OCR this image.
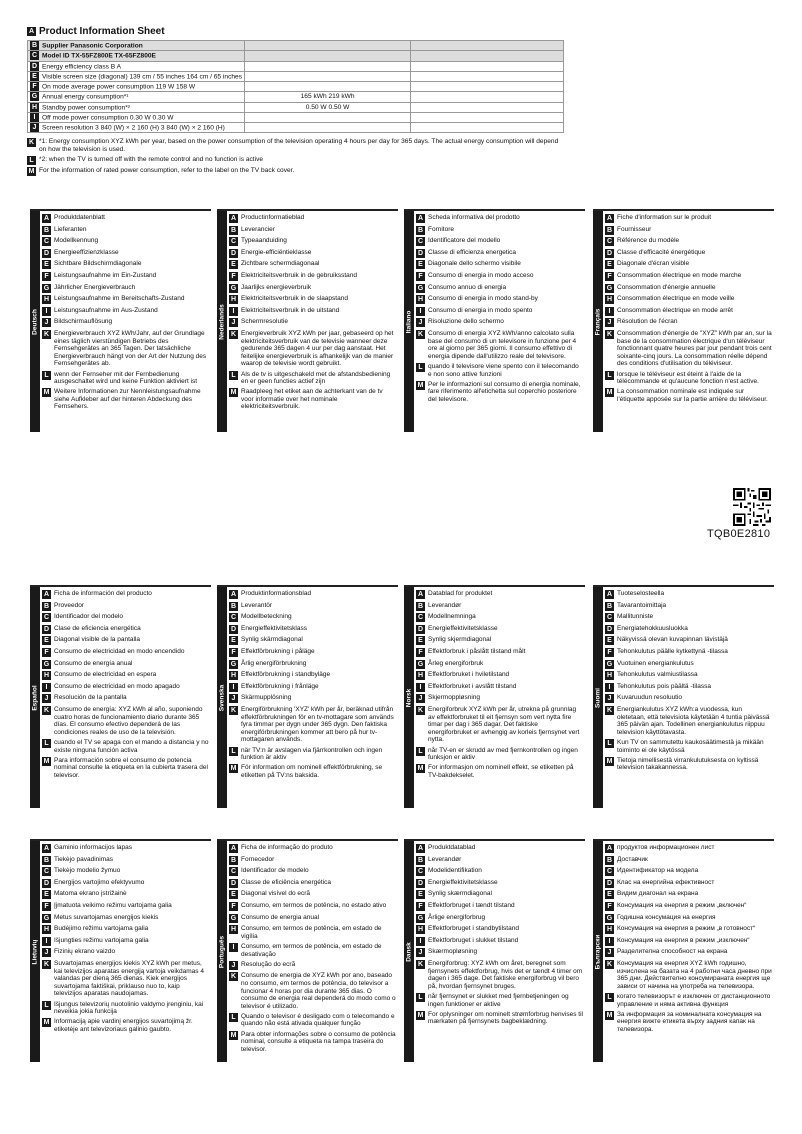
A Product Information Sheet
B Supplier Panasonic Corporation		
C Model ID TX-55FZ800E TX-65FZ800E		
D Energy efficiency class B A		
E Visible screen size (diagonal) 139 cm / 55 inches 164 cm / 65 inches		
F On mode average power consumption 119 W 158 W		
G Annual energy consumption*¹	165 kWh 219 kWh	
H Standby power consumption*²	0.50 W 0.50 W	
I Off mode power consumption 0.30 W 0.30 W		
J Screen resolution 3 840 (W) × 2 160 (H) 3 840 (W) × 2 160 (H)		
K *1: Energy consumption XYZ kWh per year, based on the power consumption of the television operating 4 hours per day for 365 days. The actual energy consumption will depend on how the television is used.
L *2: when the TV is turned off with the remote control and no function is active
M For the information of rated power consumption, refer to the label on the TV back cover.
TQB0E2810
Deutsch
A Produktdatenblatt
B Lieferanten
C Modellkennung
D Energieeffizienzklasse
E Sichtbare Bildschirmdiagonale
F Leistungsaufnahme im Ein-Zustand
G Jährlicher Energieverbrauch
H Leistungsaufnahme im Bereitschafts-Zustand
I	Leistungsaufnahme im Aus-Zustand
J Bildschirmauflösung
K Energieverbrauch XYZ kWh/Jahr, auf der Grundlage eines täglich vierstündigen Betriebs des Fernsehgerätes an 365 Tagen. Der tatsächliche Energieverbrauch hängt von der Art der Nutzung des Fernsehgerätes ab.
L wenn der Fernseher mit der Fernbedienung ausgeschaltet wird und keine Funktion aktiviert ist
M Weitere Informationen zur Nennleistungsaufnahme siehe Aufkleber auf der hinteren Abdeckung des Fernsehers.
Nederlands
A Productinformatieblad
B Leverancier
C Typeaanduiding
D Energie-efficiëntieklasse
E Zichtbare schermdiagonaal
F Elektriciteitsverbruik in de gebruiksstand
G Jaarlijks energieverbruik
H Elektriciteitsverbruik in de slaapstand
I	Elektriciteitsverbruik in de uitstand
J Schermresolutie
K Energieverbruik XYZ kWh per jaar, gebaseerd op het elektriciteitsverbruik van de televisie wanneer deze gedurende 365 dagen 4 uur per dag aanstaat. Het feitelijke energieverbruik is afhankelijk van de manier waarop de televisie wordt gebruikt.
L Als de tv is uitgeschakeld met de afstandsbediening en er geen functies actief zijn
M Raadpleeg het etiket aan de achterkant van de tv voor informatie over het nominale elektriciteitsverbruik.
Italiano
A Scheda informativa del prodotto
B Fornitore
C Identificatore del modello
D Classe di efficienza energetica
E Diagonale dello schermo visibile
F Consumo di energia in modo acceso
G Consumo annuo di energia
H Consumo di energia in modo stand-by
I	Consumo di energia in modo spento
J Risoluzione dello schermo
K Consumo di energia XYZ kWh/anno calcolato sulla base del consumo di un televisore in funzione per 4 ore al giorno per 365 giorni. Il consumo effettivo di energia dipende dall'utilizzo reale del televisore.
L quando il televisore viene spento con il telecomando e non sono attive funzioni
M Per le informazioni sul consumo di energia nominale, fare riferimento all'etichetta sul coperchio posteriore del televisore.
Français
A Fiche d'information sur le produit
B Fournisseur
C Référence du modèle
D Classe d'efficacité énergétique
E Diagonale d'écran visible
F Consommation électrique en mode marche
G Consommation d'énergie annuelle
H Consommation électrique en mode veille
I	Consommation électrique en mode arrêt
J Résolution de l'écran
K Consommation d'énergie de "XYZ" kWh par an, sur la base de la consommation électrique d'un téléviseur fonctionnant quatre heures par jour pendant trois cent soixante-cinq jours. La consommation réelle dépend des conditions d'utilisation du téléviseur.
L lorsque le téléviseur est éteint à l'aide de la télécommande et qu'aucune fonction n'est active.
M La consommation nominale est indiquée sur l'étiquette apposée sur la partie arrière du téléviseur.
Español
A Ficha de información del producto
B Proveedor
C Identificador del modelo
D Clase de eficiencia energética
E Diagonal visible de la pantalla
F Consumo de electricidad en modo encendido
G Consumo de energía anual
H Consumo de electricidad en espera
I	Consumo de electricidad en modo apagado
J Resolución de la pantalla
K Consumo de energía: XYZ kWh al año, suponiendo cuatro horas de funcionamiento diario durante 365 días. El consumo efectivo dependerá de las condiciones reales de uso de la televisión.
L cuando el TV se apaga con el mando a distancia y no existe ninguna función activa
M Para información sobre el consumo de potencia nominal consulte la etiqueta en la cubierta trasera del televisor.
Svenska
A Produktinformationsblad
B Leverantör
C Modellbeteckning
D Energieffektivitetsklass
E Synlig skärmdiagonal
F Effektförbrukning i påläge
G Årlig energiförbrukning
H Effektförbrukning i standbyläge
I	Effektförbrukning i frånläge
J Skärmupplösning
K Energiförbrukning 'XYZ' kWh per år, beräknad utifrån effektförbrukningen för en tv-mottagare som används fyra timmar per dygn under 365 dygn. Den faktiska energiförbrukningen kommer att bero på hur tv-mottagaren används.
L när TV:n är avslagen via fjärrkontrollen och ingen funktion är aktiv
M För information om nominell effektförbrukning, se etiketten på TV:ns baksida.
Norsk
A Datablad for produktet
B Leverandør
C Modellnemninga
D Energieffektivitetsklasse
E Synlig skjermdiagonal
F Effektforbruk i påslått tilstand målt
G Årleg energiforbruk
H Effektforbruket i hviletilstand
I	Effektforbruket i avslått tilstand
J Skjermoppløsning
K Energiforbruk XYZ kWh per år, utrekna på grunnlag av effektforbruket til eit fjernsyn som vert nytta fire timar per dag i 365 dagar. Det faktiske energiforbruket er avhengig av korleis fjernsynet vert nytta.
L når TV-en er skrudd av med fjernkontrollen og ingen funksjon er aktiv
M For informasjon om nominell effekt, se etiketten på TV-bakdekselet.
Suomi
A Tuoteselosteella
B Tavarantoimittaja
C Mallitunniste
D Energiatehokkuusluokka
E Näkyvissä olevan kuvapinnan lävistäjä
F Tehonkulutus päälle kytkettynä -tilassa
G Vuotuinen energiankulutus
H Tehonkulutus valmiustilassa
I	Tehonkulutus pois päältä -tilassa
J Kuvaruudun resoluutio
K Energiankulutus XYZ kWh:a vuodessa, kun oletetaan, että televisiota käytetään 4 tuntia päivässä 365 päivän ajan. Todellinen energiankulutus riippuu television käyttötavasta.
L Kun TV on sammutettu kaukosäätimestä ja mikään toiminto ei ole käytössä
M Tietoja nimellisestä virrankulutuksesta on kyltissä television takakannessa.
Lietuvių
A Gaminio informacijos lapas
B Tiekėjo pavadinimas
C Tiekėjo modelio žymuo
D Energijos vartojimo efektyvumo
E Matoma ekrano įstrižainė
F Įjmatuota veikimo režimu vartojama galia
G Metus suvartojamas energijos kiekis
H Budėjimo režimu vartojama galia
I	Išjungties režimu vartojama galia
J Fizinių ekrano vaizdo
K Suvartojamas energijos kiekis XYZ kWh per metus, kai televizijos aparatas energiją vartoja veikdamas 4 valandas per dieną 365 dienas. Kiek energijos suvartojama faktiškai, priklauso nuo to, kaip televizijos aparatas naudojamas.
L Išjungus televizorių nuotolinio valdymo įrenginiu, kai neveikia jokia funkcija
M Informaciją apie vardinį energijos suvartojimą žr. etiketėje ant televizoriaus galinio gaubto.
Português
A Ficha de informação do produto
B Fornecedor
C Identificador de modelo
D Classe de eficiência energética
E Diagonal visível do ecrã
F Consumo, em termos de potência, no estado ativo
G Consumo de energia anual
H Consumo, em termos de potência, em estado de vigília
I	Consumo, em termos de potência, em estado de desativação
J Resolução do ecrã
K Consumo de energia de XYZ kWh por ano, baseado no consumo, em termos de potência, do televisor a funcionar 4 horas por dia durante 365 dias. O consumo de energia real dependerá do modo como o televisor é utilizado.
L Quando o televisor é desligado com o telecomando e quando não está ativada qualquer função
M Para obter informações sobre o consumo de potência nominal, consulte a etiqueta na tampa traseira do televisor.
Dansk
A Produktdatablad
B Leverandør
C Modelidentifikation
D Energieffektivitetsklasse
E Synlig skærmdiagonal
F Effektforbruget i tændt tilstand
G Årlige energiforbrug
H Effektforbruget i standbytilstand
I	Effektforbruget i slukket tilstand
J Skærmopløsning
K Energiforbrug: XYZ kWh om året, beregnet som fjernsynets effektforbrug, hvis det er tændt 4 timer om dagen i 365 dage. Det faktiske energiforbrug vil bero på, hvordan fjernsynet bruges.
L når fjernsynet er slukket med fjernbetjeningen og ingen funktioner er aktive
M For oplysninger om nominelt strømforbrug henvises til mærkaten på fjernsynets bagbeklædning.
Български
A продуктов информационен лист
B Доставчик
C Идентификатор на модела
D Клас на енергийна ефективност
E Видим диагонал на екрана
F Консумация на енергия в режим „включен“
G Годишна консумация на енергия
H Консумация на енергия в режим „в готовност“
I	Консумация на енергия в режим „изключен“
J Разделителна способност на екрана
K Консумация на енергия XYZ kWh годишно, изчислена на базата на 4 работни часа дневно при 365 дни. Действително консумираната енергия ще зависи от начина на употреба на телевизора.
L когато телевизорът е изключен от дистанционното управление и няма активна функция
M За информация за номиналната консумация на енергия вижте етикета върху задния капак на телевизора.
